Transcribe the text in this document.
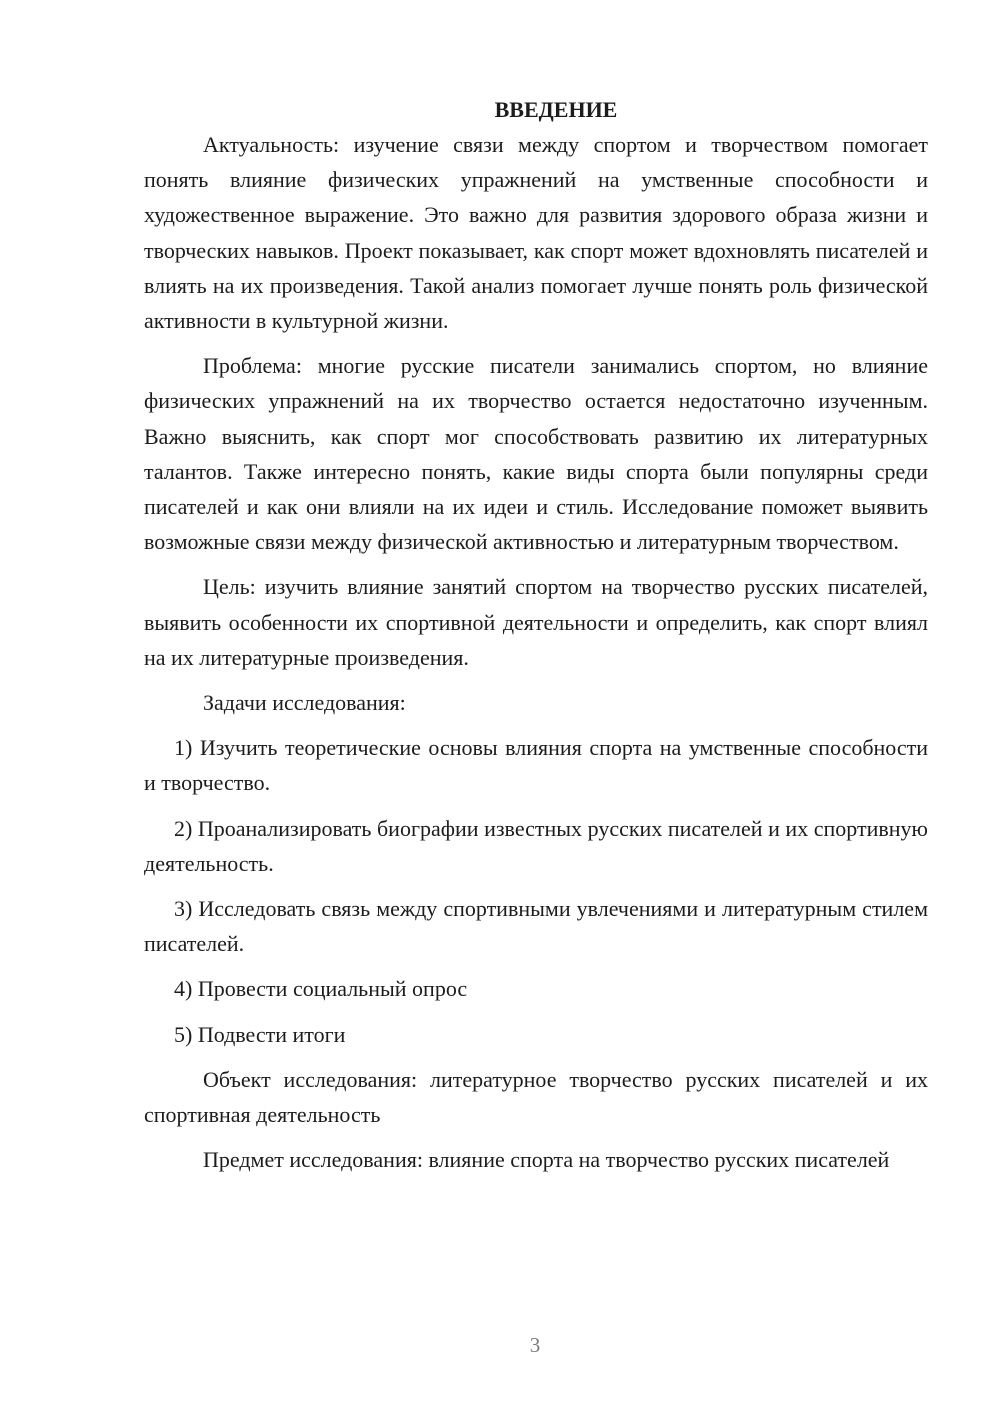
ВВЕДЕНИЕ

Актуальность: изучение связи между спортом и творчеством помогает понять влияние физических упражнений на умственные способности и художественное выражение. Это важно для развития здорового образа жизни и творческих навыков. Проект показывает, как спорт может вдохновлять писателей и влиять на их произведения. Такой анализ помогает лучше понять роль физической активности в культурной жизни.

Проблема: многие русские писатели занимались спортом, но влияние физических упражнений на их творчество остается недостаточно изученным. Важно выяснить, как спорт мог способствовать развитию их литературных талантов. Также интересно понять, какие виды спорта были популярны среди писателей и как они влияли на их идеи и стиль. Исследование поможет выявить возможные связи между физической активностью и литературным творчеством.

Цель: изучить влияние занятий спортом на творчество русских писателей, выявить особенности их спортивной деятельности и определить, как спорт влиял на их литературные произведения.

Задачи исследования:

1) Изучить теоретические основы влияния спорта на умственные способности и творчество.

2) Проанализировать биографии известных русских писателей и их спортивную деятельность.

3) Исследовать связь между спортивными увлечениями и литературным стилем писателей.

4) Провести социальный опрос

5) Подвести итоги

Объект исследования: литературное творчество русских писателей и их спортивная деятельность

Предмет исследования: влияние спорта на творчество русских писателей

3
